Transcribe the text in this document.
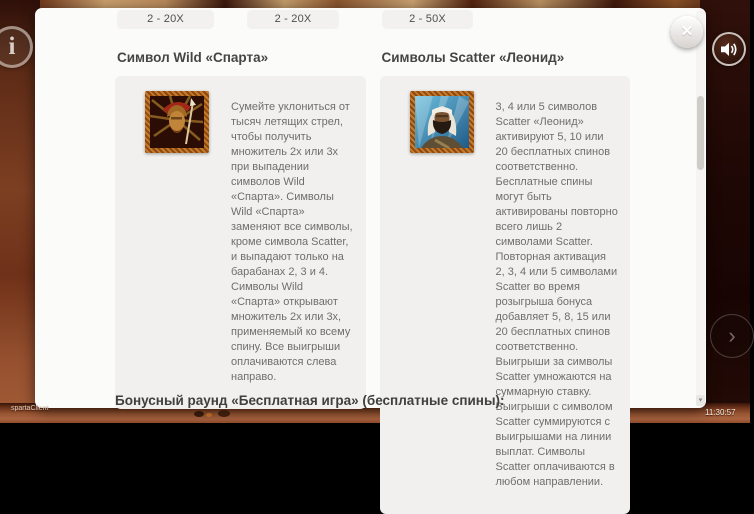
2 - 20X	2 - 20X	2 - 50X
Символ Wild «Спарта»

Сумейте уклониться от тысяч летящих стрел, чтобы получить множитель 2x или 3x при выпадении символов Wild «Спарта». Символы Wild «Спарта» заменяют все символы, кроме символа Scatter, и выпадают только на барабанах 2, 3 и 4. Символы Wild «Спарта» открывают множитель 2x или 3x, применяемый ко всему спину. Все выигрыши оплачиваются слева направо.

Символы Scatter «Леонид»

3, 4 или 5 символов Scatter «Леонид» активируют 5, 10 или 20 бесплатных спинов соответственно. Бесплатные спины могут быть активированы повторно всего лишь 2 символами Scatter. Повторная активация 2, 3, 4 или 5 символами Scatter во время розыгрыша бонуса добавляет 5, 8, 15 или 20 бесплатных спинов соответственно. Выигрыши за символы Scatter умножаются на суммарную ставку. Выигрыши с символом Scatter суммируются с выигрышами на линии выплат. Символы Scatter оплачиваются в любом направлении.

Бонусный раунд «Бесплатная игра» (бесплатные спины):	▾
✕
i
›
spartaClient	11:30:57
